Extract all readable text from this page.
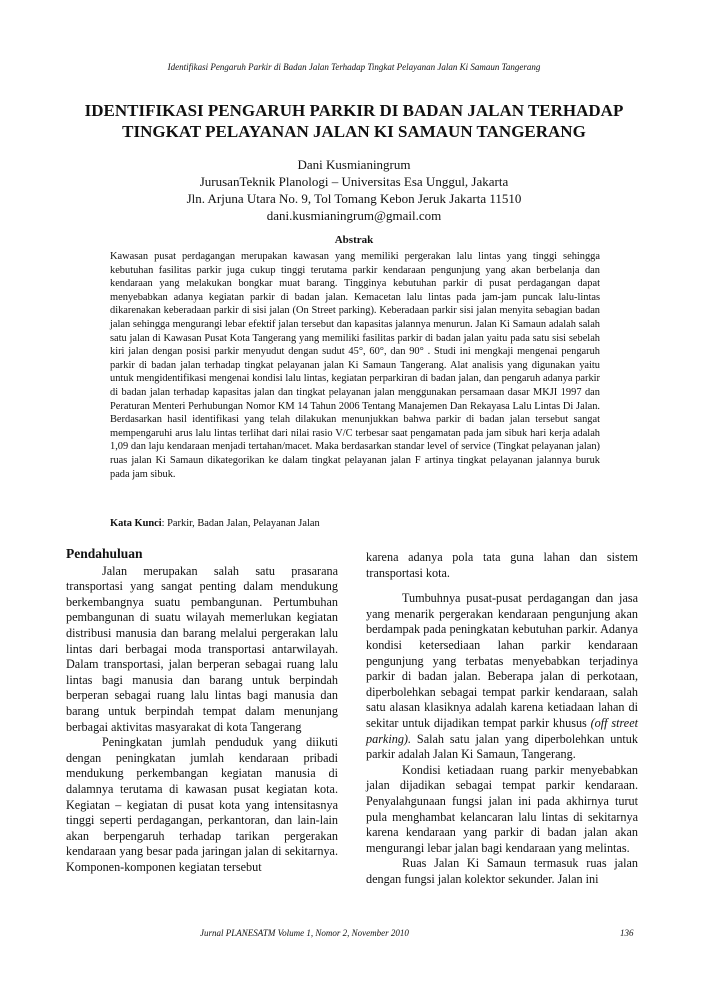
Identifikasi Pengaruh Parkir di Badan Jalan Terhadap Tingkat Pelayanan Jalan Ki Samaun Tangerang
IDENTIFIKASI PENGARUH PARKIR DI BADAN JALAN TERHADAP
TINGKAT PELAYANAN JALAN KI SAMAUN TANGERANG
Dani Kusmianingrum
JurusanTeknik Planologi – Universitas Esa Unggul, Jakarta
Jln. Arjuna Utara No. 9, Tol Tomang Kebon Jeruk Jakarta 11510
dani.kusmianingrum@gmail.com
Abstrak

Kawasan pusat perdagangan merupakan kawasan yang memiliki pergerakan lalu lintas yang tinggi sehingga kebutuhan fasilitas parkir juga cukup tinggi terutama parkir kendaraan pengunjung yang akan berbelanja dan kendaraan yang melakukan bongkar muat barang. Tingginya kebutuhan parkir di pusat perdagangan dapat menyebabkan adanya kegiatan parkir di badan jalan. Kemacetan lalu lintas pada jam-jam puncak lalu-lintas dikarenakan keberadaan parkir di sisi jalan (On Street parking). Keberadaan parkir sisi jalan menyita sebagian badan jalan sehingga mengurangi lebar efektif jalan tersebut dan kapasitas jalannya menurun. Jalan Ki Samaun adalah salah satu jalan di Kawasan Pusat Kota Tangerang yang memiliki fasilitas parkir di badan jalan yaitu pada satu sisi sebelah kiri jalan dengan posisi parkir menyudut dengan sudut 45°, 60°, dan 90° . Studi ini mengkaji mengenai pengaruh parkir di badan jalan terhadap tingkat pelayanan jalan Ki Samaun Tangerang. Alat analisis yang digunakan yaitu untuk mengidentifikasi mengenai kondisi lalu lintas, kegiatan perparkiran di badan jalan, dan pengaruh adanya parkir di badan jalan terhadap kapasitas jalan dan tingkat pelayanan jalan menggunakan persamaan dasar MKJI 1997 dan Peraturan Menteri Perhubungan Nomor KM 14 Tahun 2006 Tentang Manajemen Dan Rekayasa Lalu Lintas Di Jalan. Berdasarkan hasil identifikasi yang telah dilakukan menunjukkan bahwa parkir di badan jalan tersebut sangat mempengaruhi arus lalu lintas terlihat dari nilai rasio V/C terbesar saat pengamatan pada jam sibuk hari kerja adalah 1,09 dan laju kendaraan menjadi tertahan/macet. Maka berdasarkan standar level of service (Tingkat pelayanan jalan) ruas jalan Ki Samaun dikategorikan ke dalam tingkat pelayanan jalan F artinya tingkat pelayanan jalannya buruk pada jam sibuk.

Kata Kunci: Parkir, Badan Jalan, Pelayanan Jalan
Pendahuluan

Jalan merupakan salah satu prasarana transportasi yang sangat penting dalam mendukung berkembangnya suatu pembangunan. Pertumbuhan pembangunan di suatu wilayah memerlukan kegiatan distribusi manusia dan barang melalui pergerakan lalu lintas dari berbagai moda transportasi antarwilayah. Dalam transportasi, jalan berperan sebagai ruang lalu lintas bagi manusia dan barang untuk berpindah berperan sebagai ruang lalu lintas bagi manusia dan barang untuk berpindah tempat dalam menunjang berbagai aktivitas masyarakat di kota Tangerang

Peningkatan jumlah penduduk yang diikuti dengan peningkatan jumlah kendaraan pribadi mendukung perkembangan kegiatan manusia di dalamnya terutama di kawasan pusat kegiatan kota. Kegiatan – kegiatan di pusat kota yang intensitasnya tinggi seperti perdagangan, perkantoran, dan lain-lain akan berpengaruh terhadap tarikan pergerakan kendaraan yang besar pada jaringan jalan di sekitarnya. Komponen-komponen kegiatan tersebut

karena adanya pola tata guna lahan dan sistem transportasi kota.

Tumbuhnya pusat-pusat perdagangan dan jasa yang menarik pergerakan kendaraan pengunjung akan berdampak pada peningkatan kebutuhan parkir. Adanya kondisi ketersediaan lahan parkir kendaraan pengunjung yang terbatas menyebabkan terjadinya parkir di badan jalan. Beberapa jalan di perkotaan, diperbolehkan sebagai tempat parkir kendaraan, salah satu alasan klasiknya adalah karena ketiadaan lahan di sekitar untuk dijadikan tempat parkir khusus (off street parking). Salah satu jalan yang diperbolehkan untuk parkir adalah Jalan Ki Samaun, Tangerang.

Kondisi ketiadaan ruang parkir menyebabkan jalan dijadikan sebagai tempat parkir kendaraan. Penyalahgunaan fungsi jalan ini pada akhirnya turut pula menghambat kelancaran lalu lintas di sekitarnya karena kendaraan yang parkir di badan jalan akan mengurangi lebar jalan bagi kendaraan yang melintas.

Ruas Jalan Ki Samaun termasuk ruas jalan dengan fungsi jalan kolektor sekunder. Jalan ini

Jurnal PLANESATM Volume 1, Nomor 2, November 2010	136
